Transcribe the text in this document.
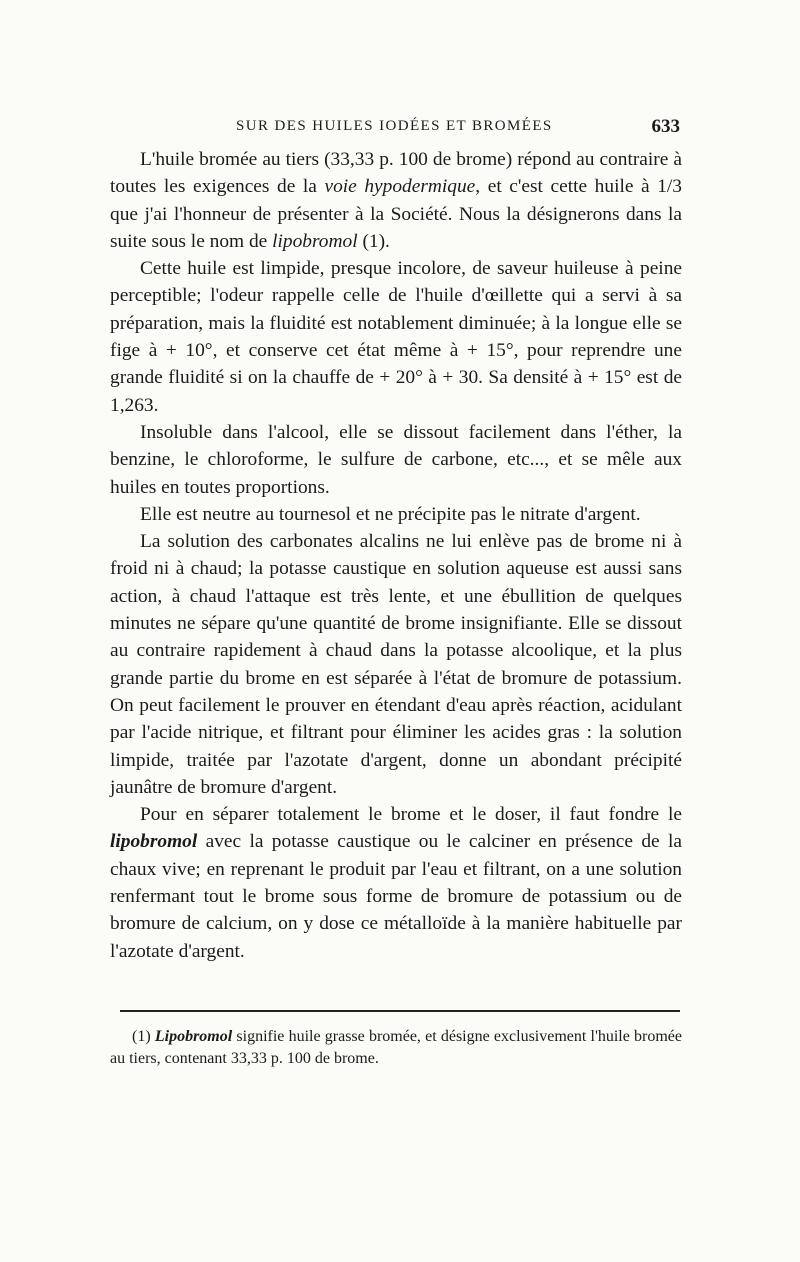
SUR DES HUILES IODÉES ET BROMÉES	633

L'huile bromée au tiers (33,33 p. 100 de brome) répond au contraire à toutes les exigences de la voie hypodermique, et c'est cette huile à 1/3 que j'ai l'honneur de présenter à la Société. Nous la désignerons dans la suite sous le nom de lipobromol (1).

Cette huile est limpide, presque incolore, de saveur huileuse à peine perceptible; l'odeur rappelle celle de l'huile d'œillette qui a servi à sa préparation, mais la fluidité est notablement diminuée; à la longue elle se fige à + 10°, et conserve cet état même à + 15°, pour reprendre une grande fluidité si on la chauffe de + 20° à + 30. Sa densité à + 15° est de 1,263.

Insoluble dans l'alcool, elle se dissout facilement dans l'éther, la benzine, le chloroforme, le sulfure de carbone, etc..., et se mêle aux huiles en toutes proportions.

Elle est neutre au tournesol et ne précipite pas le nitrate d'argent.

La solution des carbonates alcalins ne lui enlève pas de brome ni à froid ni à chaud; la potasse caustique en solution aqueuse est aussi sans action, à chaud l'attaque est très lente, et une ébullition de quelques minutes ne sépare qu'une quantité de brome insignifiante. Elle se dissout au contraire rapidement à chaud dans la potasse alcoolique, et la plus grande partie du brome en est séparée à l'état de bromure de potassium. On peut facilement le prouver en étendant d'eau après réaction, acidulant par l'acide nitrique, et filtrant pour éliminer les acides gras : la solution limpide, traitée par l'azotate d'argent, donne un abondant précipité jaunâtre de bromure d'argent.

Pour en séparer totalement le brome et le doser, il faut fondre le lipobromol avec la potasse caustique ou le calciner en présence de la chaux vive; en reprenant le produit par l'eau et filtrant, on a une solution renfermant tout le brome sous forme de bromure de potassium ou de bromure de calcium, on y dose ce métalloïde à la manière habituelle par l'azotate d'argent.

(1) Lipobromol signifie huile grasse bromée, et désigne exclusivement l'huile bromée au tiers, contenant 33,33 p. 100 de brome.
